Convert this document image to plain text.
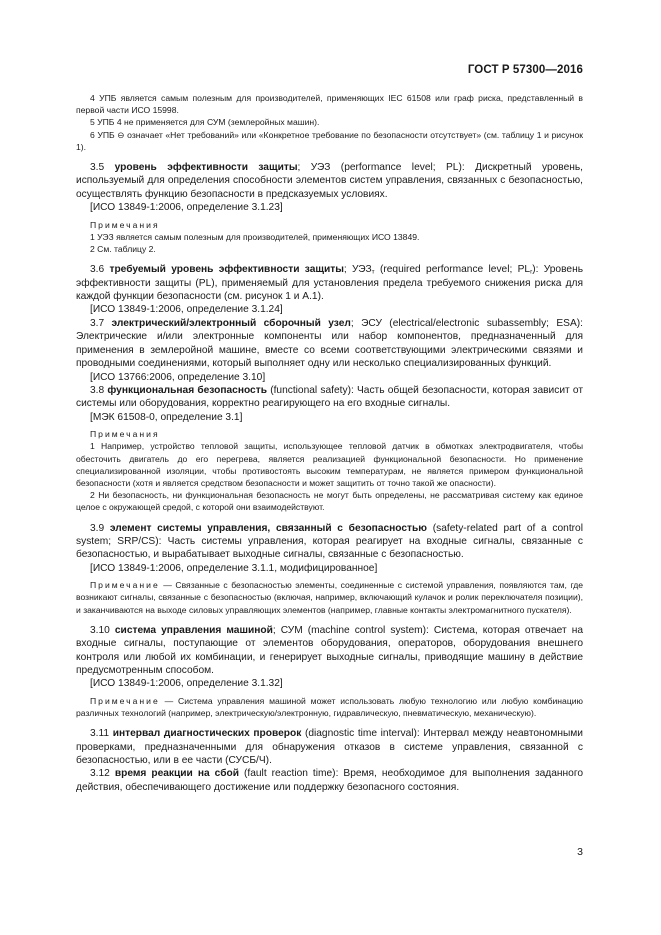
ГОСТ Р 57300—2016

4 УПБ является самым полезным для производителей, применяющих IEC 61508 или граф риска, представленный в первой части ИСО 15998.

5 УПБ 4 не применяется для СУМ (землеройных машин).

6 УПБ ⊖ означает «Нет требований» или «Конкретное требование по безопасности отсутствует» (см. таблицу 1 и рисунок 1).

3.5 уровень эффективности защиты; УЭЗ (performance level; PL): Дискретный уровень, используемый для определения способности элементов систем управления, связанных с безопасностью, осуществлять функцию безопасности в предсказуемых условиях.

[ИСО 13849-1:2006, определение 3.1.23]

Примечания

1 УЭЗ является самым полезным для производителей, применяющих ИСО 13849.

2 См. таблицу 2.

3.6 требуемый уровень эффективности защиты; $УЭЗ_т$ (required performance level; $PL_r$): Уровень эффективности защиты (PL), применяемый для установления предела требуемого снижения риска для каждой функции безопасности (см. рисунок 1 и А.1).

[ИСО 13849-1:2006, определение 3.1.24]

3.7 электрический/электронный сборочный узел; ЭСУ (electrical/electronic subassembly; ESA): Электрические и/или электронные компоненты или набор компонентов, предназначенный для применения в землеройной машине, вместе со всеми соответствующими электрическими связями и проводными соединениями, который выполняет одну или несколько специализированных функций.

[ИСО 13766:2006, определение 3.10]

3.8 функциональная безопасность (functional safety): Часть общей безопасности, которая зависит от системы или оборудования, корректно реагирующего на его входные сигналы.

[МЭК 61508-0, определение 3.1]

Примечания

1 Например, устройство тепловой защиты, использующее тепловой датчик в обмотках электродвигателя, чтобы обесточить двигатель до его перегрева, является реализацией функциональной безопасности. Но применение специализированной изоляции, чтобы противостоять высоким температурам, не является примером функциональной безопасности (хотя и является средством безопасности и может защитить от точно такой же опасности).

2 Ни безопасность, ни функциональная безопасность не могут быть определены, не рассматривая систему как единое целое с окружающей средой, с которой они взаимодействуют.

3.9 элемент системы управления, связанный с безопасностью (safety-related part of a control system; SRP/CS): Часть системы управления, которая реагирует на входные сигналы, связанные с безопасностью, и вырабатывает выходные сигналы, связанные с безопасностью.

[ИСО 13849-1:2006, определение 3.1.1, модифицированное]

Примечание — Связанные с безопасностью элементы, соединенные с системой управления, появляются там, где возникают сигналы, связанные с безопасностью (включая, например, включающий кулачок и ролик переключателя позиции), и заканчиваются на выходе силовых управляющих элементов (например, главные контакты электромагнитного пускателя).

3.10 система управления машиной; СУМ (machine control system): Система, которая отвечает на входные сигналы, поступающие от элементов оборудования, операторов, оборудования внешнего контроля или любой их комбинации, и генерирует выходные сигналы, приводящие машину в действие предусмотренным способом.

[ИСО 13849-1:2006, определение 3.1.32]

Примечание — Система управления машиной может использовать любую технологию или любую комбинацию различных технологий (например, электрическую/электронную, гидравлическую, пневматическую, механическую).

3.11 интервал диагностических проверок (diagnostic time interval): Интервал между неавтономными проверками, предназначенными для обнаружения отказов в системе управления, связанной с безопасностью, или в ее части (СУСБ/Ч).

3.12 время реакции на сбой (fault reaction time): Время, необходимое для выполнения заданного действия, обеспечивающего достижение или поддержку безопасного состояния.

3
